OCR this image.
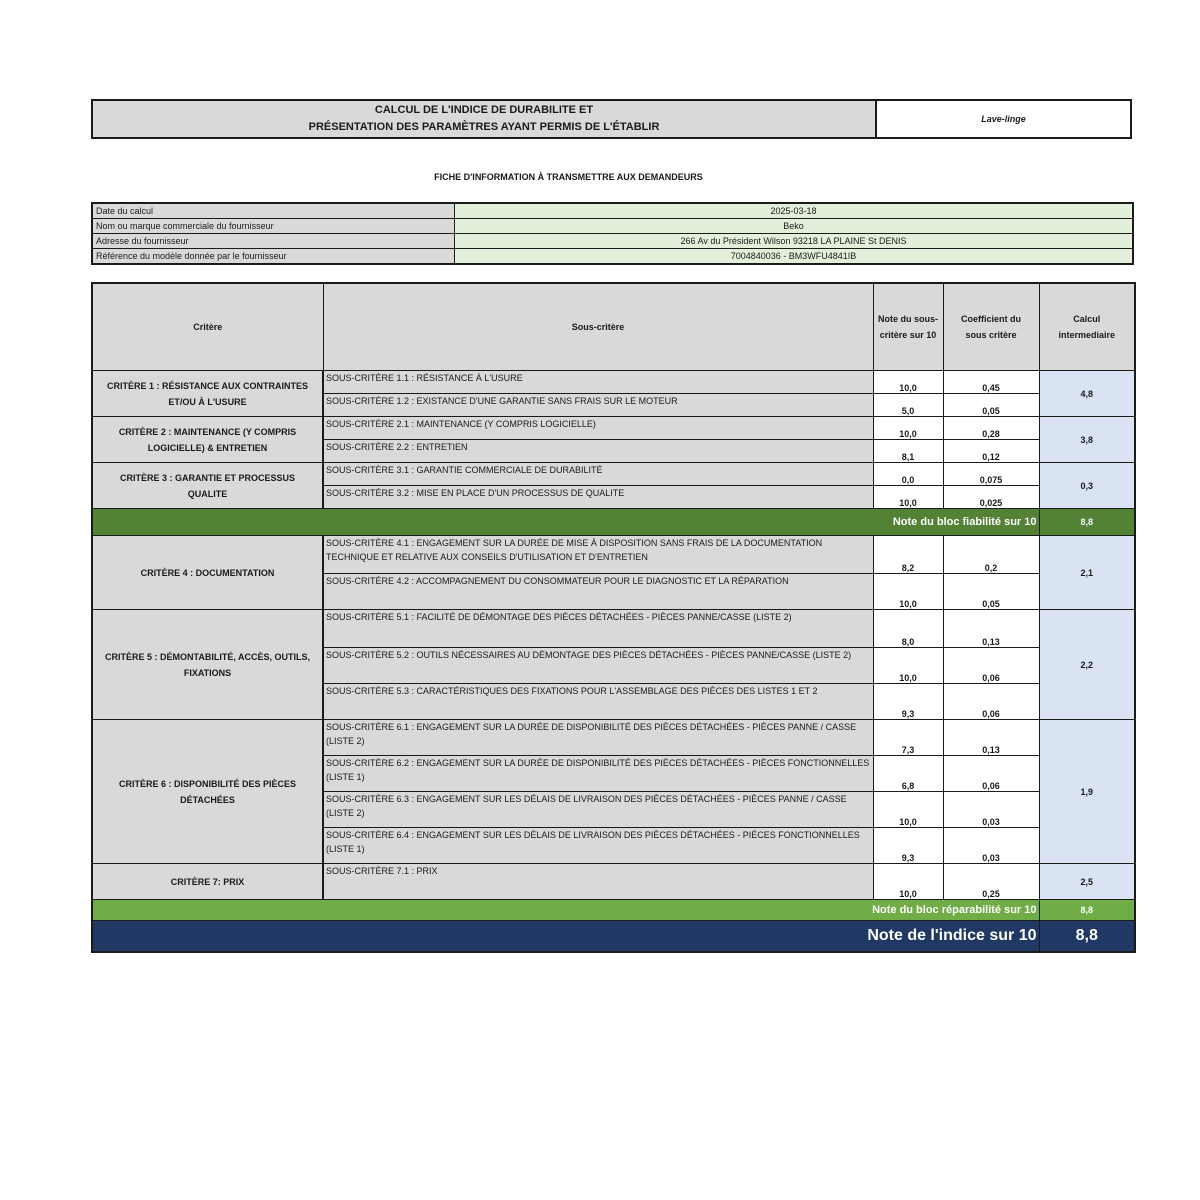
CALCUL DE L'INDICE DE DURABILITE ET
PRÉSENTATION DES PARAMÈTRES AYANT PERMIS DE L'ÉTABLIR
Lave-linge
FICHE D'INFORMATION À TRANSMETTRE AUX DEMANDEURS
Date du calcul	2025-03-18
Nom ou marque commerciale du fournisseur	Beko
Adresse du fournisseur	266 Av du Président Wilson 93218 LA PLAINE St DENIS
Référence du modèle donnée par le fournisseur	7004840036 - BM3WFU4841IB
Critère	Sous-critère	Note du sous-
critère sur 10	Coefficient du
sous critère	Calcul
intermediaire
CRITÈRE 1 : RÉSISTANCE AUX CONTRAINTES
ET/OU À L'USURE	SOUS-CRITÈRE 1.1 : RÉSISTANCE À L'USURE	10,0	0,45	4,8
	SOUS-CRITÈRE 1.2 : EXISTANCE D'UNE GARANTIE SANS FRAIS SUR LE MOTEUR	5,0	0,05	
CRITÈRE 2 : MAINTENANCE (Y COMPRIS
LOGICIELLE) & ENTRETIEN	SOUS-CRITÈRE 2.1 : MAINTENANCE (Y COMPRIS LOGICIELLE)	10,0	0,28	3,8
	SOUS-CRITÈRE 2.2 : ENTRETIEN	8,1	0,12	
CRITÈRE 3 : GARANTIE ET PROCESSUS
QUALITE	SOUS-CRITÈRE 3.1 : GARANTIE COMMERCIALE DE DURABILITÉ	0,0	0,075	0,3
	SOUS-CRITÈRE 3.2 : MISE EN PLACE D'UN PROCESSUS DE QUALITE	10,0	0,025	
Note du bloc fiabilité sur 10				8,8
CRITÈRE 4 : DOCUMENTATION	SOUS-CRITÈRE 4.1 : ENGAGEMENT SUR LA DURÉE DE MISE À DISPOSITION SANS FRAIS DE LA DOCUMENTATION TECHNIQUE ET RELATIVE AUX CONSEILS D'UTILISATION ET D'ENTRETIEN	8,2	0,2	2,1
	SOUS-CRITÈRE 4.2 : ACCOMPAGNEMENT DU CONSOMMATEUR POUR LE DIAGNOSTIC ET LA RÉPARATION	10,0	0,05	
CRITÈRE 5 : DÉMONTABILITÉ, ACCÈS, OUTILS,
FIXATIONS	SOUS-CRITÈRE 5.1 : FACILITÉ DE DÉMONTAGE DES PIÈCES DÉTACHÉES - PIÈCES PANNE/CASSE (LISTE 2)	8,0	0,13	2,2
	SOUS-CRITÈRE 5.2 : OUTILS NÉCESSAIRES AU DÉMONTAGE DES PIÈCES DÉTACHÉES - PIÈCES PANNE/CASSE (LISTE 2)	10,0	0,06	
	SOUS-CRITÈRE 5.3 : CARACTÉRISTIQUES DES FIXATIONS POUR L'ASSEMBLAGE DES PIÈCES DES LISTES 1 ET 2	9,3	0,06	
CRITÈRE 6 : DISPONIBILITÉ DES PIÈCES
DÉTACHÉES	SOUS-CRITÈRE 6.1 : ENGAGEMENT SUR LA DURÉE DE DISPONIBILITÉ DES PIÈCES DÉTACHÉES - PIÈCES PANNE / CASSE (LISTE 2)	7,3	0,13	1,9
	SOUS-CRITÈRE 6.2 : ENGAGEMENT SUR LA DURÉE DE DISPONIBILITÉ DES PIÈCES DÉTACHÉES - PIÈCES FONCTIONNELLES (LISTE 1)	6,8	0,06	
	SOUS-CRITÈRE 6.3 : ENGAGEMENT SUR LES DÉLAIS DE LIVRAISON DES PIÈCES DÉTACHÉES - PIÈCES PANNE / CASSE (LISTE 2)	10,0	0,03	
	SOUS-CRITÈRE 6.4 : ENGAGEMENT SUR LES DÉLAIS DE LIVRAISON DES PIÈCES DÉTACHÉES - PIÈCES FONCTIONNELLES (LISTE 1)	9,3	0,03	
CRITÈRE 7: PRIX	SOUS-CRITÈRE 7.1 : PRIX	10,0	0,25	2,5
Note du bloc réparabilité sur 10				8,8
Note de l'indice sur 10				8,8
